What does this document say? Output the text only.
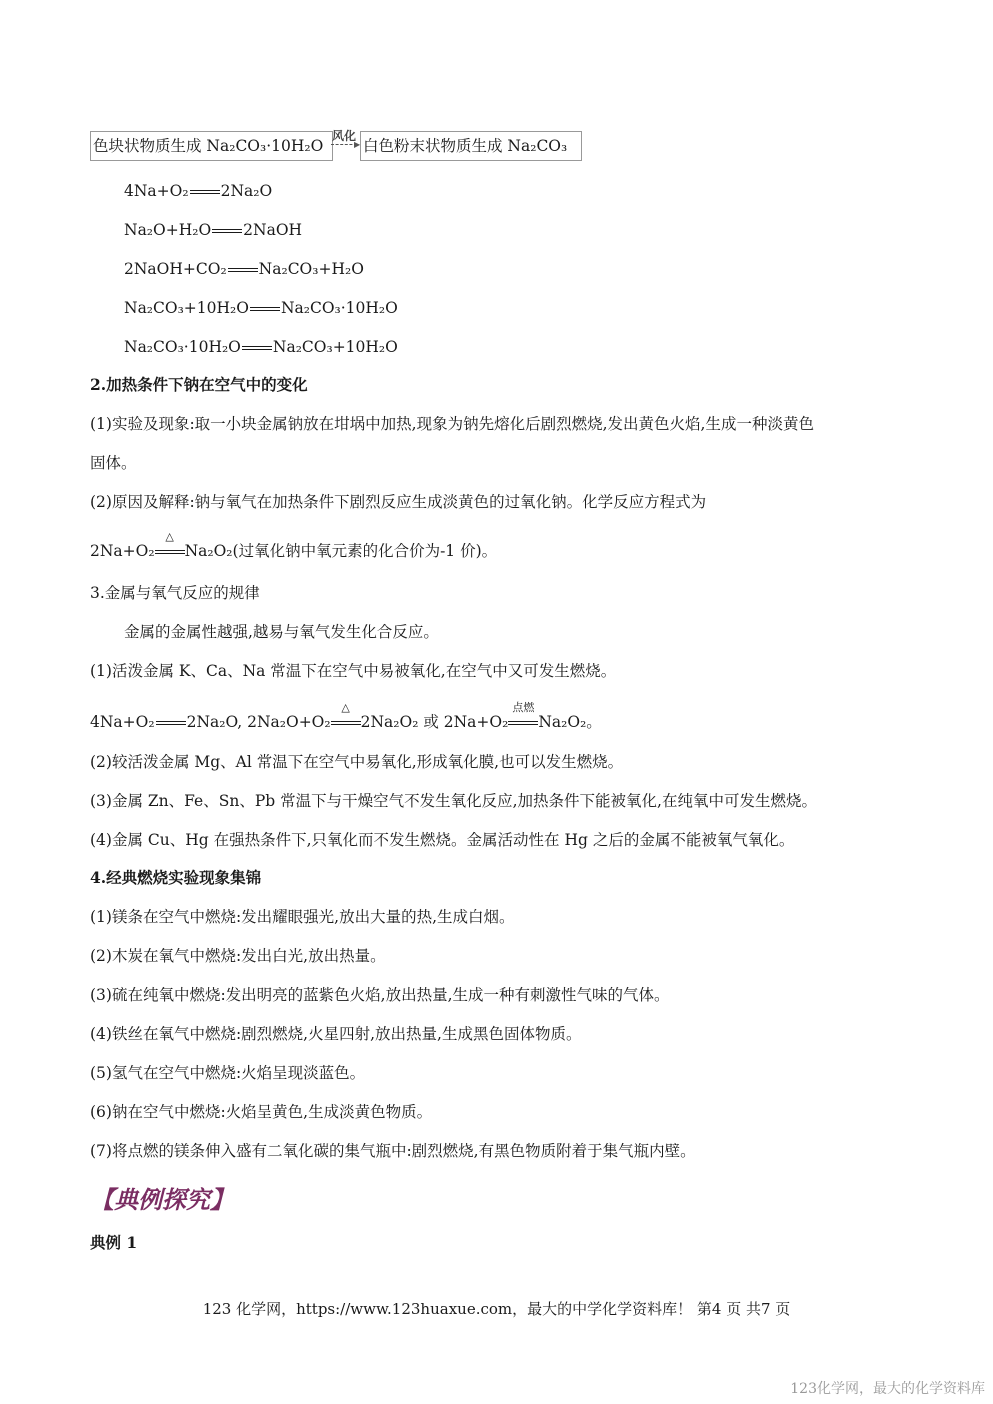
色块状物质生成 Na₂CO₃·10H₂O
风化
▶ 白色粉末状物质生成 Na₂CO₃
4Na+O₂ 2Na₂O
Na₂O+H₂O 2NaOH
2NaOH+CO₂ Na₂CO₃+H₂O
Na₂CO₃+10H₂O Na₂CO₃·10H₂O
Na₂CO₃·10H₂O Na₂CO₃+10H₂O
2.加热条件下钠在空气中的变化
(1)实验及现象:取一小块金属钠放在坩埚中加热,现象为钠先熔化后剧烈燃烧,发出黄色火焰,生成一种淡黄色
固体。
(2)原因及解释:钠与氧气在加热条件下剧烈反应生成淡黄色的过氧化钠。化学反应方程式为
2Na+O₂
△
Na₂O₂(过氧化钠中氧元素的化合价为-1 价)。
3.金属与氧气反应的规律
金属的金属性越强,越易与氧气发生化合反应。
(1)活泼金属 K、Ca、Na 常温下在空气中易被氧化,在空气中又可发生燃烧。
4Na+O₂ 2Na₂O, 2Na₂O+O₂
△
2Na₂O₂ 或 2Na+O₂
点燃
Na₂O₂。
(2)较活泼金属 Mg、Al 常温下在空气中易氧化,形成氧化膜,也可以发生燃烧。
(3)金属 Zn、Fe、Sn、Pb 常温下与干燥空气不发生氧化反应,加热条件下能被氧化,在纯氧中可发生燃烧。
(4)金属 Cu、Hg 在强热条件下,只氧化而不发生燃烧。金属活动性在 Hg 之后的金属不能被氧气氧化。
4.经典燃烧实验现象集锦
(1)镁条在空气中燃烧:发出耀眼强光,放出大量的热,生成白烟。
(2)木炭在氧气中燃烧:发出白光,放出热量。
(3)硫在纯氧中燃烧:发出明亮的蓝紫色火焰,放出热量,生成一种有刺激性气味的气体。
(4)铁丝在氧气中燃烧:剧烈燃烧,火星四射,放出热量,生成黑色固体物质。
(5)氢气在空气中燃烧:火焰呈现淡蓝色。
(6)钠在空气中燃烧:火焰呈黄色,生成淡黄色物质。
(7)将点燃的镁条伸入盛有二氧化碳的集气瓶中:剧烈燃烧,有黑色物质附着于集气瓶内壁。
【典例探究】
典例 1
123 化学网，https://www.123huaxue.com，最大的中学化学资料库！ 第4 页 共7 页
123化学网，最大的化学资料库
